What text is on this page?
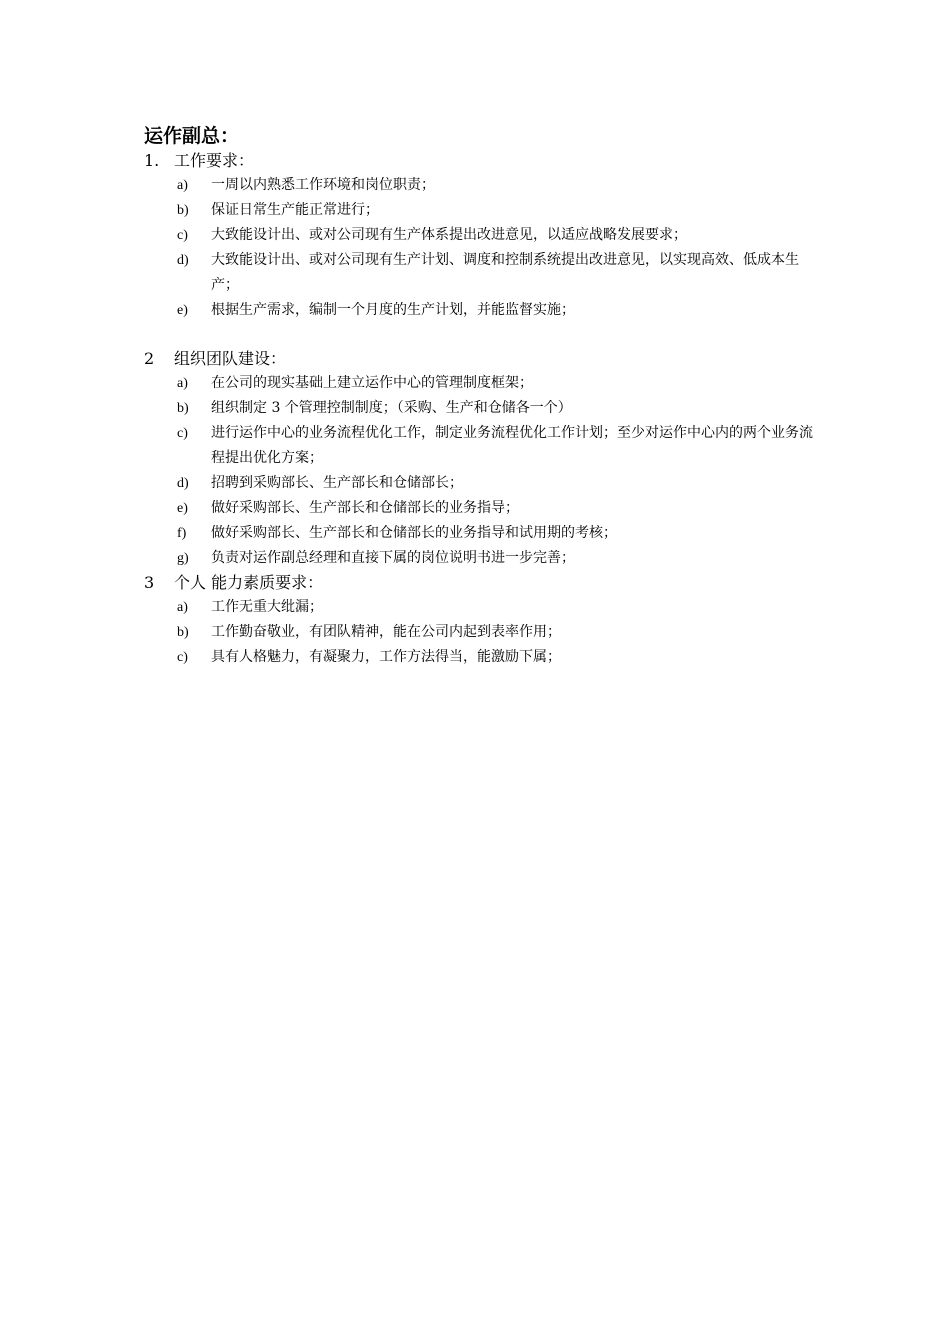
运作副总：
1. 工作要求：
a)	一周以内熟悉工作环境和岗位职责；
b)	保证日常生产能正常进行；
c)	大致能设计出、或对公司现有生产体系提出改进意见，以适应战略发展要求；
d)	大致能设计出、或对公司现有生产计划、调度和控制系统提出改进意见，以实现高效、低成本生产；
e)	根据生产需求，编制一个月度的生产计划，并能监督实施；
2	组织团队建设：
a)	在公司的现实基础上建立运作中心的管理制度框架；
b)	组织制定 3 个管理控制制度；（采购、生产和仓储各一个）
c)	进行运作中心的业务流程优化工作，制定业务流程优化工作计划；至少对运作中心内的两个业务流程提出优化方案；
d)	招聘到采购部长、生产部长和仓储部长；
e)	做好采购部长、生产部长和仓储部长的业务指导；
f)	做好采购部长、生产部长和仓储部长的业务指导和试用期的考核；
g)	负责对运作副总经理和直接下属的岗位说明书进一步完善；
3	个人 能力素质要求：
a)	工作无重大纰漏；
b)	工作勤奋敬业，有团队精神，能在公司内起到表率作用；
c)	具有人格魅力，有凝聚力，工作方法得当，能激励下属；
